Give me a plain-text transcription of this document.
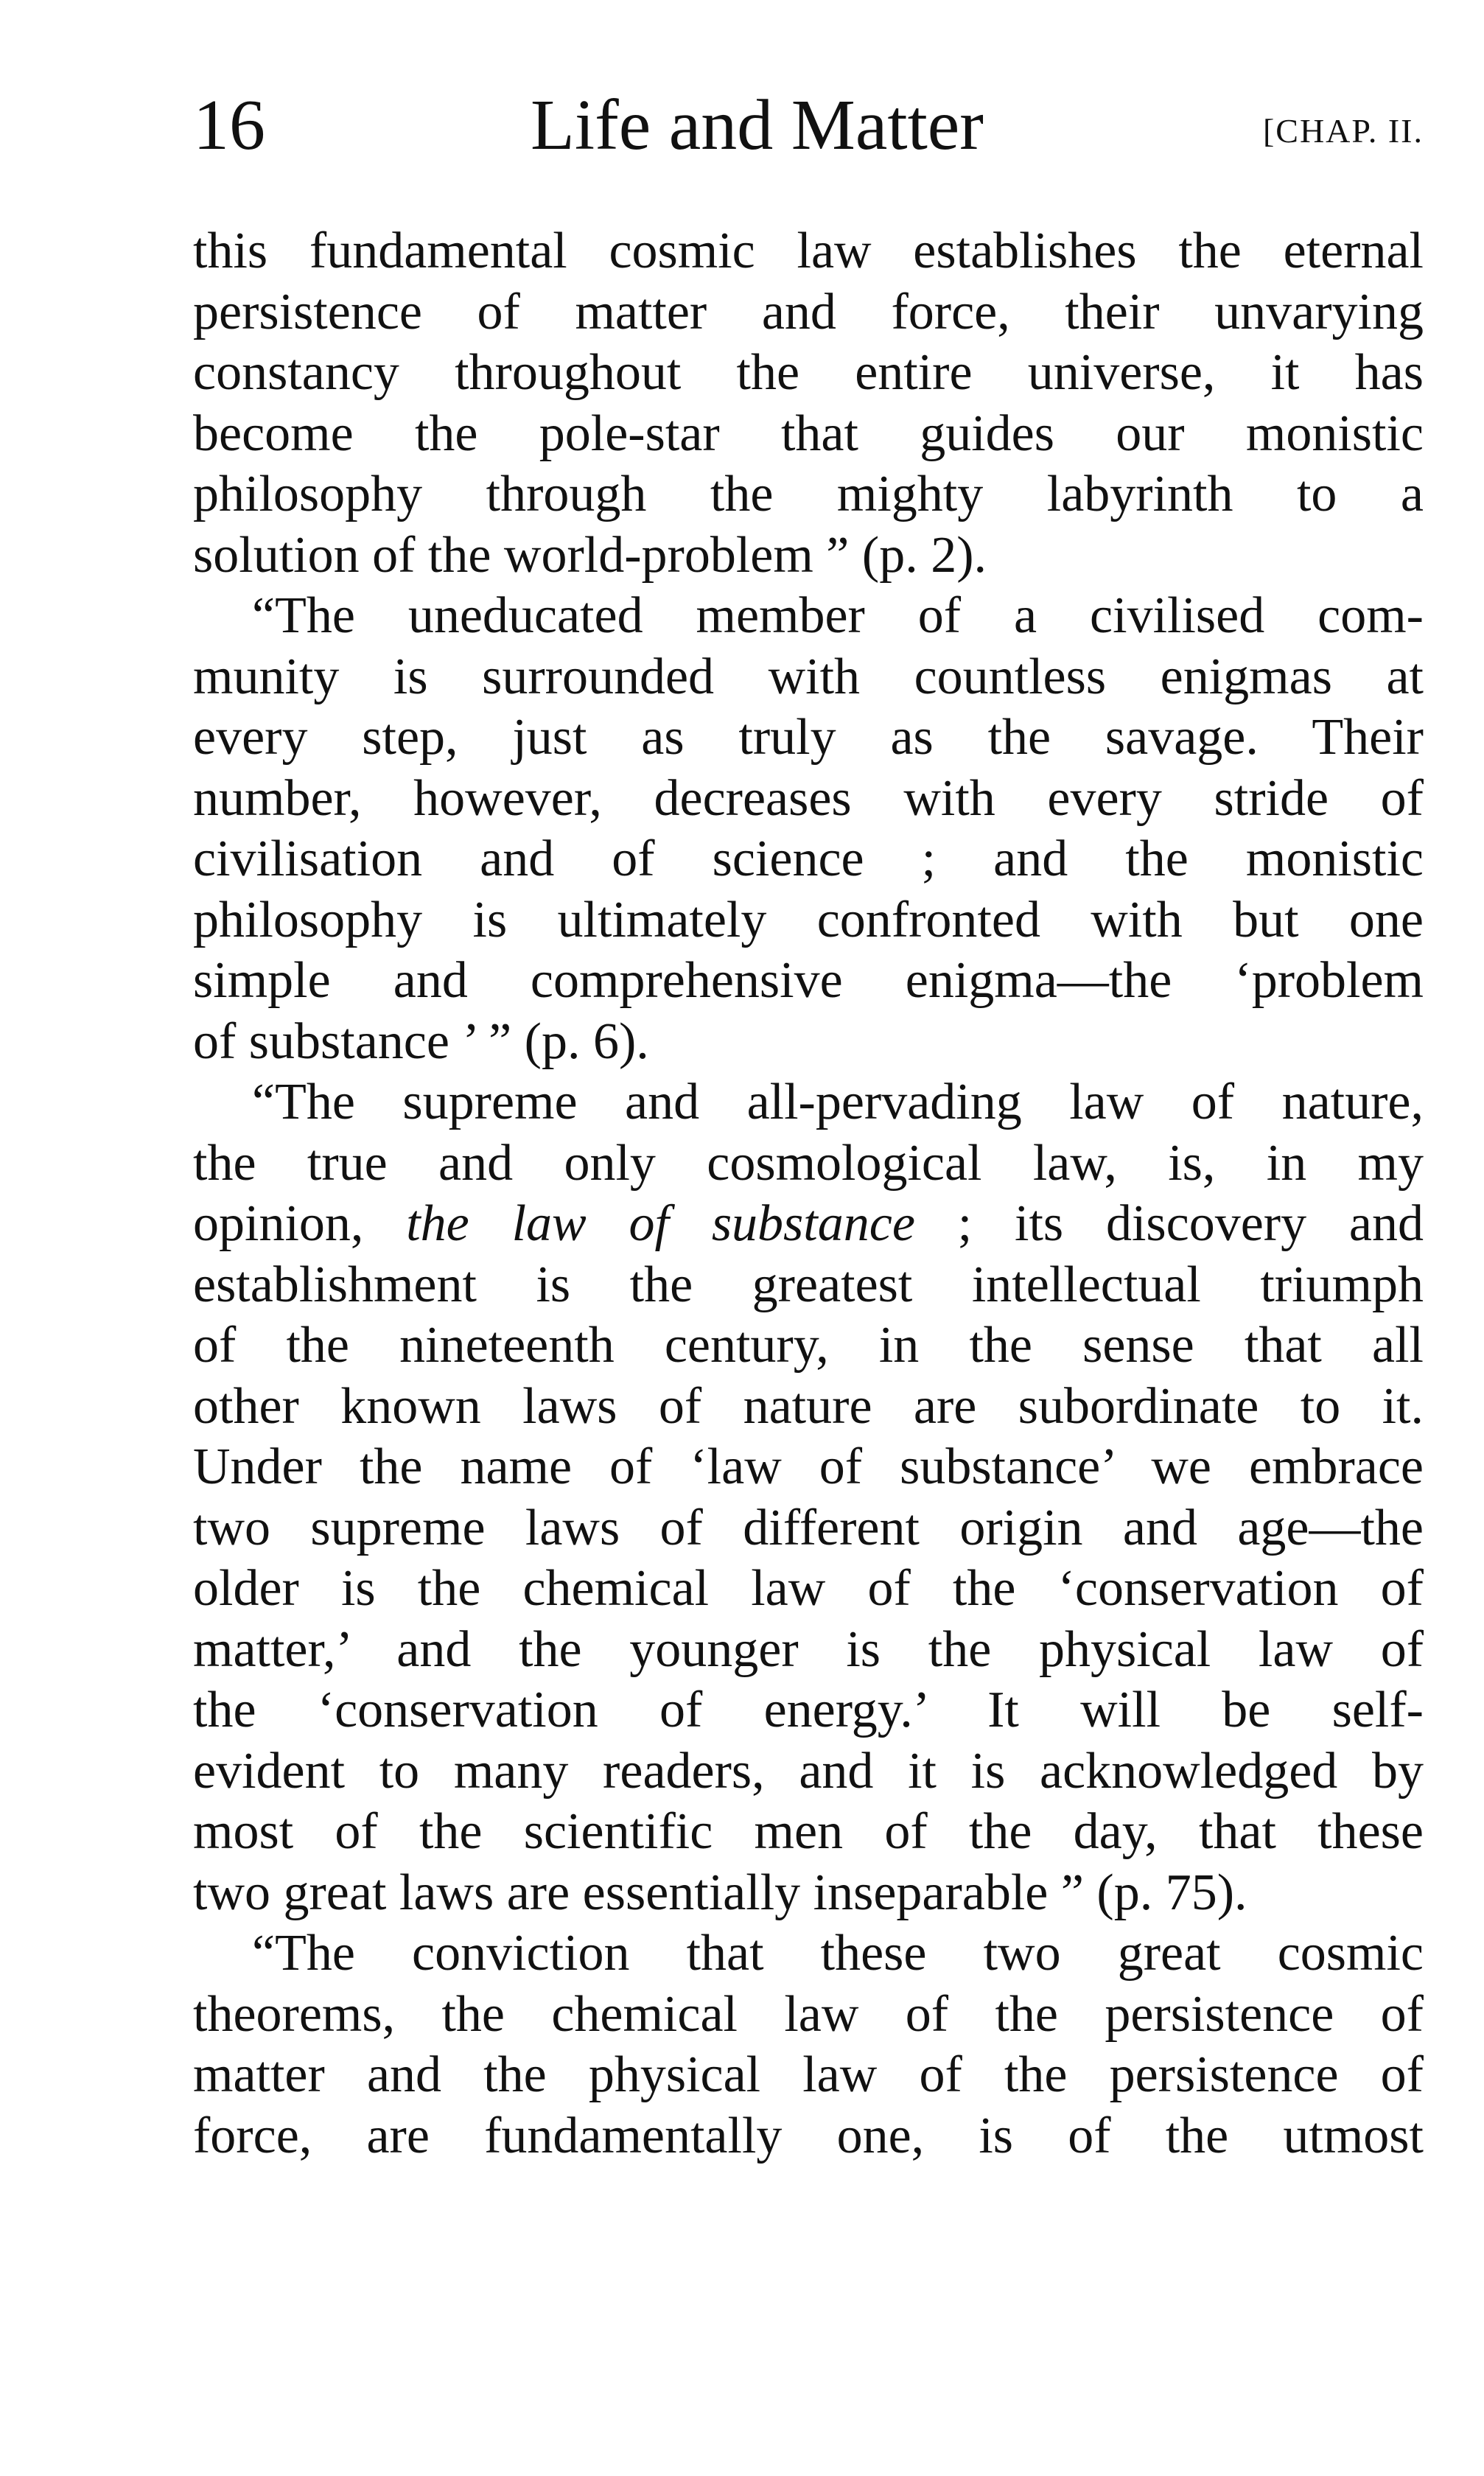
16	Life and Matter	[CHAP. II.
this fundamental cosmic law establishes the eternal
persistence of matter and force, their unvarying
constancy throughout the entire universe, it has
become the pole-star that guides our monistic
philosophy through the mighty labyrinth to a
solution of the world-problem ” (p. 2).
“The uneducated member of a civilised com-
munity is surrounded with countless enigmas at
every step, just as truly as the savage. Their
number, however, decreases with every stride of
civilisation and of science ; and the monistic
philosophy is ultimately confronted with but one
simple and comprehensive enigma—the ‘problem
of substance ’ ” (p. 6).
“The supreme and all-pervading law of nature,
the true and only cosmological law, is, in my
opinion, the law of substance ; its discovery and
establishment is the greatest intellectual triumph
of the nineteenth century, in the sense that all
other known laws of nature are subordinate to it.
Under the name of ‘law of substance’ we embrace
two supreme laws of different origin and age—the
older is the chemical law of the ‘conservation of
matter,’ and the younger is the physical law of
the ‘conservation of energy.’ It will be self-
evident to many readers, and it is acknowledged by
most of the scientific men of the day, that these
two great laws are essentially inseparable ” (p. 75).
“The conviction that these two great cosmic
theorems, the chemical law of the persistence of
matter and the physical law of the persistence of
force, are fundamentally one, is of the utmost
